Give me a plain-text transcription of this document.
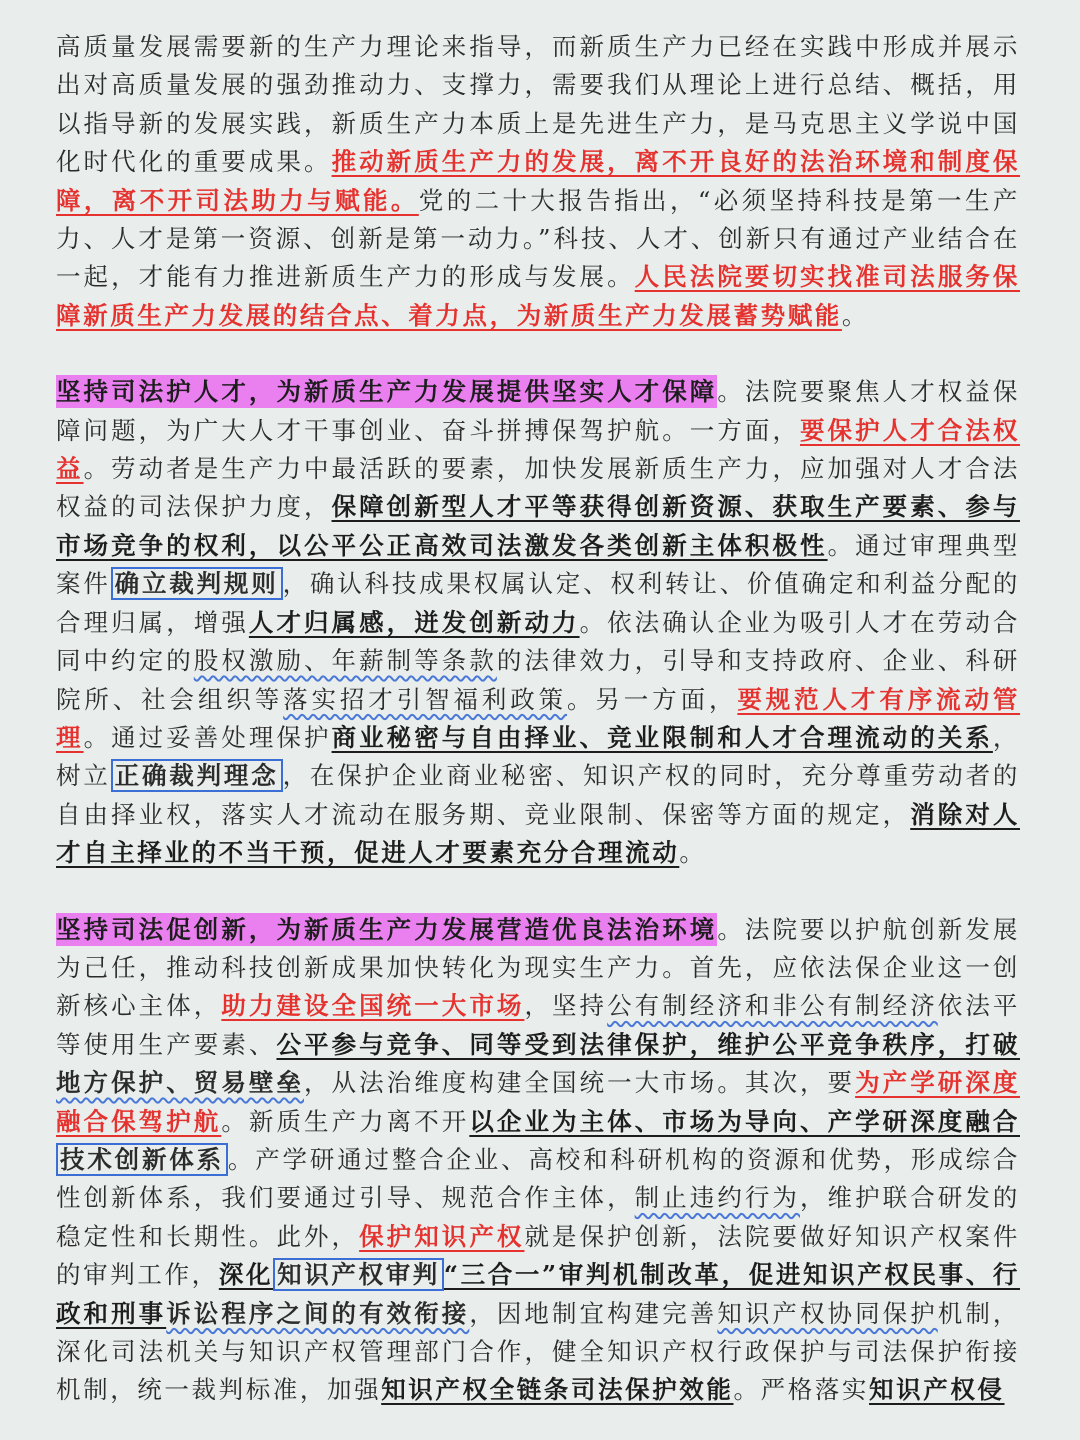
高质量发展需要新的生产力理论来指导，而新质生产力已经在实践中形成并展示出对高质量发展的强劲推动力、支撑力，需要我们从理论上进行总结、概括，用以指导新的发展实践，新质生产力本质上是先进生产力，是马克思主义学说中国化时代化的重要成果。推动新质生产力的发展，离不开良好的法治环境和制度保障，离不开司法助力与赋能。党的二十大报告指出，“必须坚持科技是第一生产力、人才是第一资源、创新是第一动力。”科技、人才、创新只有通过产业结合在一起，才能有力推进新质生产力的形成与发展。人民法院要切实找准司法服务保障新质生产力发展的结合点、着力点，为新质生产力发展蓄势赋能。

坚持司法护人才，为新质生产力发展提供坚实人才保障。法院要聚焦人才权益保障问题，为广大人才干事创业、奋斗拼搏保驾护航。一方面，要保护人才合法权益。劳动者是生产力中最活跃的要素，加快发展新质生产力，应加强对人才合法权益的司法保护力度，保障创新型人才平等获得创新资源、获取生产要素、参与市场竞争的权利，以公平公正高效司法激发各类创新主体积极性。通过审理典型案件 确立裁判规则 ，确认科技成果权属认定、权利转让、价值确定和利益分配的合理归属，增强人才归属感，迸发创新动力。依法确认企业为吸引人才在劳动合同中约定的股权激励、年薪制等条款的法律效力，引导和支持政府、企业、科研院所、社会组织等落实招才引智福利政策。另一方面，要规范人才有序流动管理。通过妥善处理保护商业秘密与自由择业、竞业限制和人才合理流动的关系，树立 正确裁判理念 ，在保护企业商业秘密、知识产权的同时，充分尊重劳动者的自由择业权，落实人才流动在服务期、竞业限制、保密等方面的规定，消除对人才自主择业的不当干预，促进人才要素充分合理流动。

坚持司法促创新，为新质生产力发展营造优良法治环境。法院要以护航创新发展为己任，推动科技创新成果加快转化为现实生产力。首先，应依法保企业这一创新核心主体，助力建设全国统一大市场，坚持公有制经济和非公有制经济依法平等使用生产要素、公平参与竞争、同等受到法律保护，维护公平竞争秩序，打破地方保护、贸易壁垒，从法治维度构建全国统一大市场。其次，要为产学研深度融合保驾护航。新质生产力离不开以企业为主体、市场为导向、产学研深度融合技术创新体系 。产学研通过整合企业、高校和科研机构的资源和优势，形成综合性创新体系，我们要通过引导、规范合作主体，制止违约行为，维护联合研发的稳定性和长期性。此外，保护知识产权就是保护创新，法院要做好知识产权案件的审判工作，深化 知识产权审判 “三合一”审判机制改革，促进知识产权民事、行政和刑事诉讼程序之间的有效衔接，因地制宜构建完善知识产权协同保护机制，深化司法机关与知识产权管理部门合作，健全知识产权行政保护与司法保护衔接机制，统一裁判标准，加强知识产权全链条司法保护效能。严格落实知识产权侵
